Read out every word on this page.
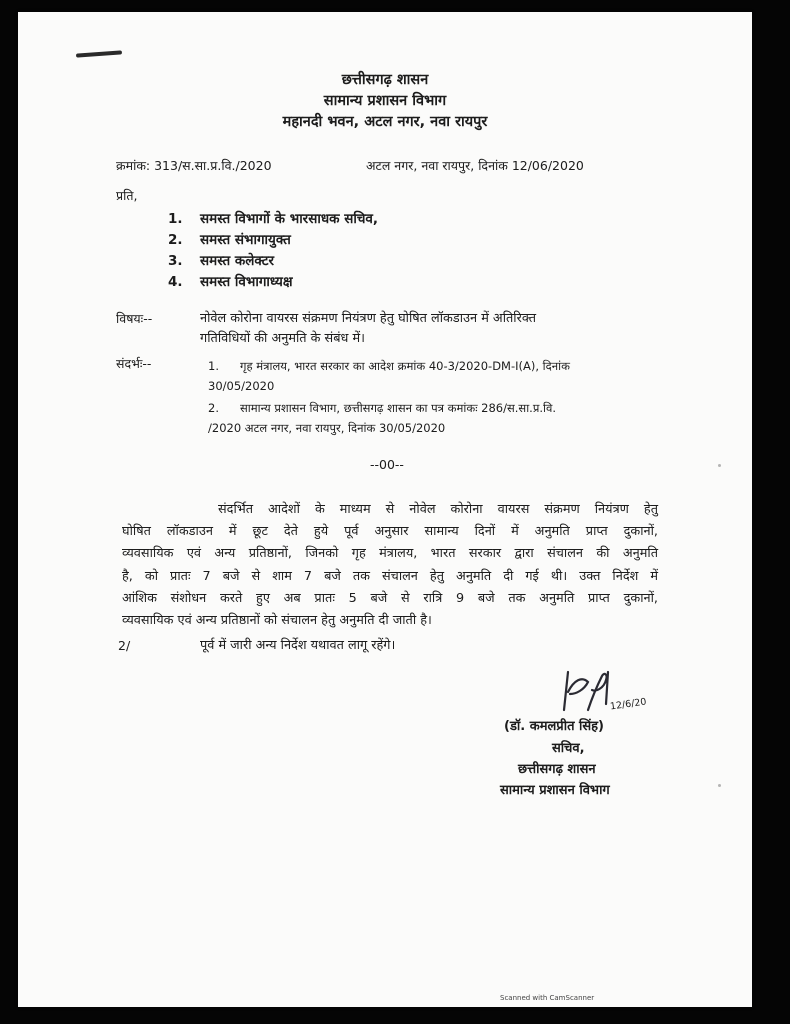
छत्तीसगढ़ शासन
सामान्य प्रशासन विभाग
महानदी भवन, अटल नगर, नवा रायपुर
क्रमांक: 313/स.सा.प्र.वि./2020	अटल नगर, नवा रायपुर, दिनांक 12/06/2020
प्रति,
1. समस्त विभागों के भारसाधक सचिव,
2. समस्त संभागायुक्त
3. समस्त कलेक्टर
4. समस्त विभागाध्यक्ष
विषयः--	नोवेल कोरोना वायरस संक्रमण नियंत्रण हेतु घोषित लॉकडाउन में अतिरिक्त
गतिविधियों की अनुमति के संबंध में।
संदर्भः--	1. गृह मंत्रालय, भारत सरकार का आदेश क्रमांक 40-3/2020-DM-I(A), दिनांक
30/05/2020
2. सामान्य प्रशासन विभाग, छत्तीसगढ़ शासन का पत्र कमांकः 286/स.सा.प्र.वि.
/2020 अटल नगर, नवा रायपुर, दिनांक 30/05/2020
--00--
संदर्भित आदेशों के माध्यम से नोवेल कोरोना वायरस संक्रमण नियंत्रण हेतु
घोषित लॉकडाउन में छूट देते हुये पूर्व अनुसार सामान्य दिनों में अनुमति प्राप्त दुकानों,
व्यवसायिक एवं अन्य प्रतिष्ठानों, जिनको गृह मंत्रालय, भारत सरकार द्वारा संचालन की अनुमति
है, को प्रातः 7 बजे से शाम 7 बजे तक संचालन हेतु अनुमति दी गई थी। उक्त निर्देश में
आंशिक संशोधन करते हुए अब प्रातः 5 बजे से रात्रि 9 बजे तक अनुमति प्राप्त दुकानों,
व्यवसायिक एवं अन्य प्रतिष्ठानों को संचालन हेतु अनुमति दी जाती है।
2/	पूर्व में जारी अन्य निर्देश यथावत लागू रहेंगे।
12/6/20
(डॉ. कमलप्रीत सिंह)
सचिव,
छत्तीसगढ़ शासन
सामान्य प्रशासन विभाग
Scanned with CamScanner
